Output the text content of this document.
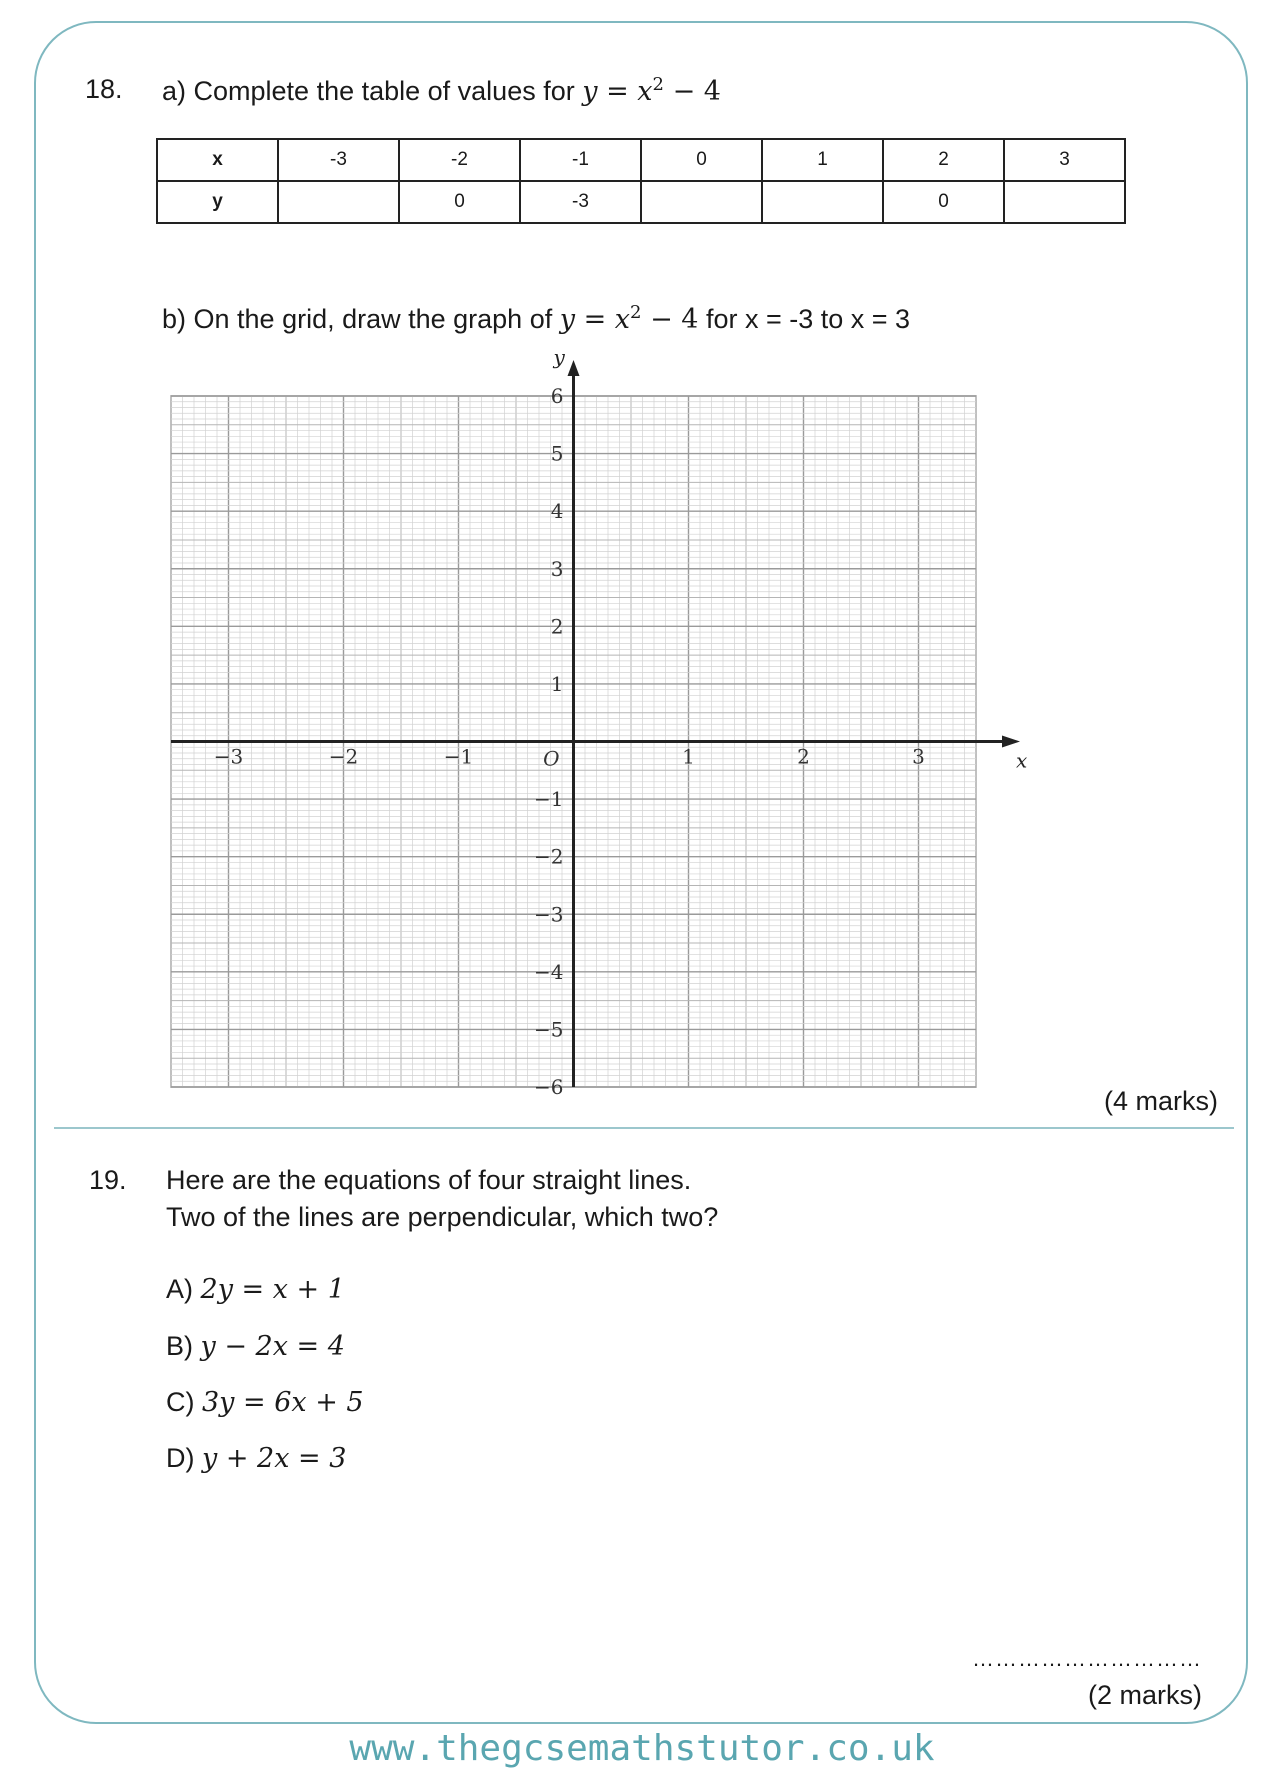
18. a) Complete the table of values for $y = x^2 - 4$
x	-3	-2	-1	0	1	2	3
y		0	-3			0	
b) On the grid, draw the graph of $y = x^2 - 4$ for x = -3 to x = 3
x
y
−3	−2	−1	1	2	3
6
5
4
3
2
1
−1
−2
−3
−4
−5
−6
O
(4 marks)
19. Here are the equations of four straight lines.
Two of the lines are perpendicular, which two?
A) 2y = x + 1
B) y − 2x = 4
C) 3y = 6x + 5
D) y + 2x = 3
…………………………
(2 marks)
www.thegcsemathstutor.co.uk
